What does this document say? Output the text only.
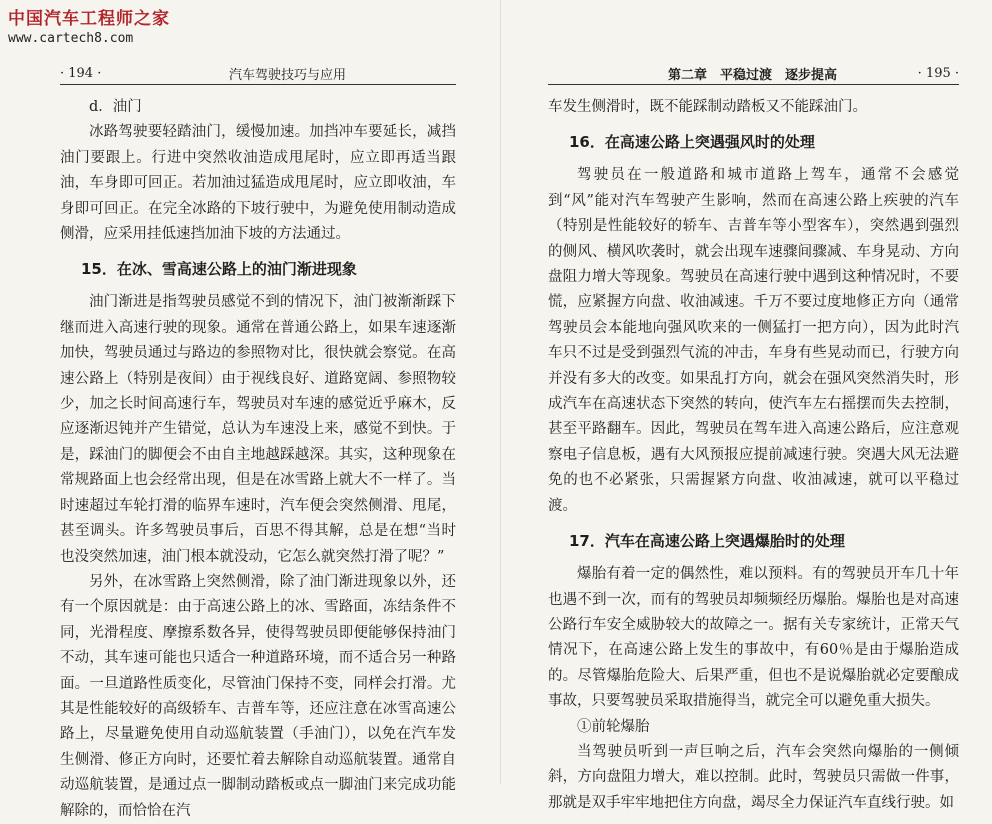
中国汽车工程师之家
www.cartech8.com
· 194 ·	汽车驾驶技巧与应用
d．油门

冰路驾驶要轻踏油门，缓慢加速。加挡冲车要延长，减挡油门要跟上。行进中突然收油造成甩尾时，应立即再适当跟油，车身即可回正。若加油过猛造成甩尾时，应立即收油，车身即可回正。在完全冰路的下坡行驶中，为避免使用制动造成侧滑，应采用挂低速挡加油下坡的方法通过。

15．在冰、雪高速公路上的油门渐进现象

油门渐进是指驾驶员感觉不到的情况下，油门被渐渐踩下继而进入高速行驶的现象。通常在普通公路上，如果车速逐渐加快，驾驶员通过与路边的参照物对比，很快就会察觉。在高速公路上（特别是夜间）由于视线良好、道路宽阔、参照物较少，加之长时间高速行车，驾驶员对车速的感觉近乎麻木，反应逐渐迟钝并产生错觉，总认为车速没上来，感觉不到快。于是，踩油门的脚便会不由自主地越踩越深。其实，这种现象在常规路面上也会经常出现，但是在冰雪路上就大不一样了。当时速超过车轮打滑的临界车速时，汽车便会突然侧滑、甩尾，甚至调头。许多驾驶员事后，百思不得其解，总是在想“当时也没突然加速，油门根本就没动，它怎么就突然打滑了呢？”

另外，在冰雪路上突然侧滑，除了油门渐进现象以外，还有一个原因就是：由于高速公路上的冰、雪路面，冻结条件不同，光滑程度、摩擦系数各异，使得驾驶员即便能够保持油门不动，其车速可能也只适合一种道路环境，而不适合另一种路面。一旦道路性质变化，尽管油门保持不变，同样会打滑。尤其是性能较好的高级轿车、吉普车等，还应注意在冰雪高速公路上，尽量避免使用自动巡航装置（手油门），以免在汽车发生侧滑、修正方向时，还要忙着去解除自动巡航装置。通常自动巡航装置，是通过点一脚制动踏板或点一脚油门来完成功能解除的，而恰恰在汽

第二章　平稳过渡　逐步提高	· 195 ·

车发生侧滑时，既不能踩制动踏板又不能踩油门。

16．在高速公路上突遇强风时的处理

驾驶员在一般道路和城市道路上驾车，通常不会感觉到“风”能对汽车驾驶产生影响，然而在高速公路上疾驶的汽车（特别是性能较好的轿车、吉普车等小型客车），突然遇到强烈的侧风、横风吹袭时，就会出现车速骤间骤减、车身晃动、方向盘阻力增大等现象。驾驶员在高速行驶中遇到这种情况时，不要慌，应紧握方向盘、收油减速。千万不要过度地修正方向（通常驾驶员会本能地向强风吹来的一侧猛打一把方向），因为此时汽车只不过是受到强烈气流的冲击，车身有些晃动而已，行驶方向并没有多大的改变。如果乱打方向，就会在强风突然消失时，形成汽车在高速状态下突然的转向，使汽车左右摇摆而失去控制，甚至平路翻车。因此，驾驶员在驾车进入高速公路后，应注意观察电子信息板，遇有大风预报应提前减速行驶。突遇大风无法避免的也不必紧张，只需握紧方向盘、收油减速，就可以平稳过渡。

17．汽车在高速公路上突遇爆胎时的处理

爆胎有着一定的偶然性，难以预料。有的驾驶员开车几十年也遇不到一次，而有的驾驶员却频频经历爆胎。爆胎也是对高速公路行车安全威胁较大的故障之一。据有关专家统计，正常天气情况下，在高速公路上发生的事故中，有60％是由于爆胎造成的。尽管爆胎危险大、后果严重，但也不是说爆胎就必定要酿成事故，只要驾驶员采取措施得当，就完全可以避免重大损失。

①前轮爆胎

当驾驶员听到一声巨响之后，汽车会突然向爆胎的一侧倾斜，方向盘阻力增大，难以控制。此时，驾驶员只需做一件事，那就是双手牢牢地把住方向盘，竭尽全力保证汽车直线行驶。如
